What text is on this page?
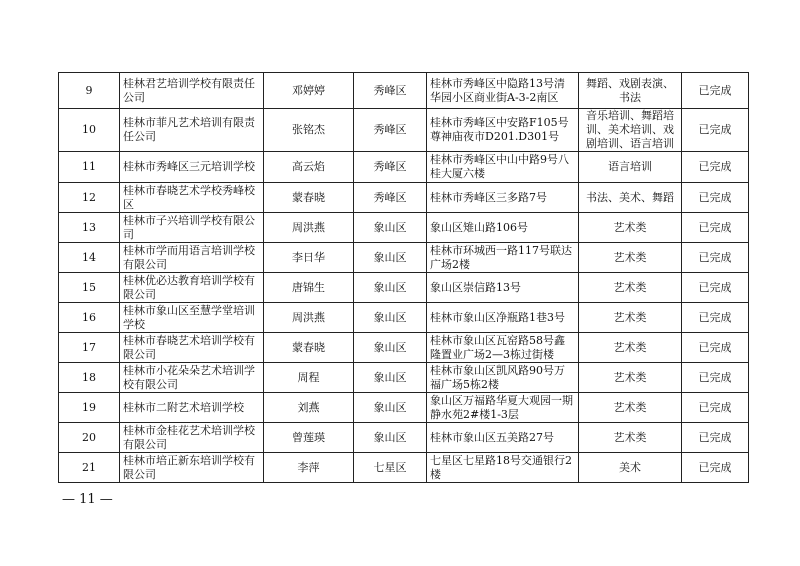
9	桂林君艺培训学校有限责任公司	邓婷婷	秀峰区	桂林市秀峰区中隐路13号清华园小区商业街A-3-2南区	舞蹈、戏剧表演、书法	已完成
10	桂林市菲凡艺术培训有限责任公司	张铭杰	秀峰区	桂林市秀峰区中安路F105号尊神庙夜市D201.D301号	音乐培训、舞蹈培训、美术培训、戏剧培训、语言培训	已完成
11	桂林市秀峰区三元培训学校	高云焰	秀峰区	桂林市秀峰区中山中路9号八桂大厦六楼	语言培训	已完成
12	桂林市春晓艺术学校秀峰校区	蒙春晓	秀峰区	桂林市秀峰区三多路7号	书法、美术、舞蹈	已完成
13	桂林市子兴培训学校有限公司	周洪燕	象山区	象山区雉山路106号	艺术类	已完成
14	桂林市学而用语言培训学校有限公司	李日华	象山区	桂林市环城西一路117号联达广场2楼	艺术类	已完成
15	桂林优必达教育培训学校有限公司	唐锦生	象山区	象山区崇信路13号	艺术类	已完成
16	桂林市象山区至慧学堂培训学校	周洪燕	象山区	桂林市象山区净瓶路1巷3号	艺术类	已完成
17	桂林市春晓艺术培训学校有限公司	蒙春晓	象山区	桂林市象山区瓦窑路58号鑫隆置业广场2—3栋过街楼	艺术类	已完成
18	桂林市小花朵朵艺术培训学校有限公司	周程	象山区	桂林市象山区凯风路90号万福广场5栋2楼	艺术类	已完成
19	桂林市二附艺术培训学校	刘燕	象山区	象山区万福路华夏大观园一期静水苑2#楼1-3层	艺术类	已完成
20	桂林市金桂花艺术培训学校有限公司	曾莲瑛	象山区	桂林市象山区五美路27号	艺术类	已完成
21	桂林市培正新东培训学校有限公司	李萍	七星区	七星区七星路18号交通银行2楼	美术	已完成
— 11 —
